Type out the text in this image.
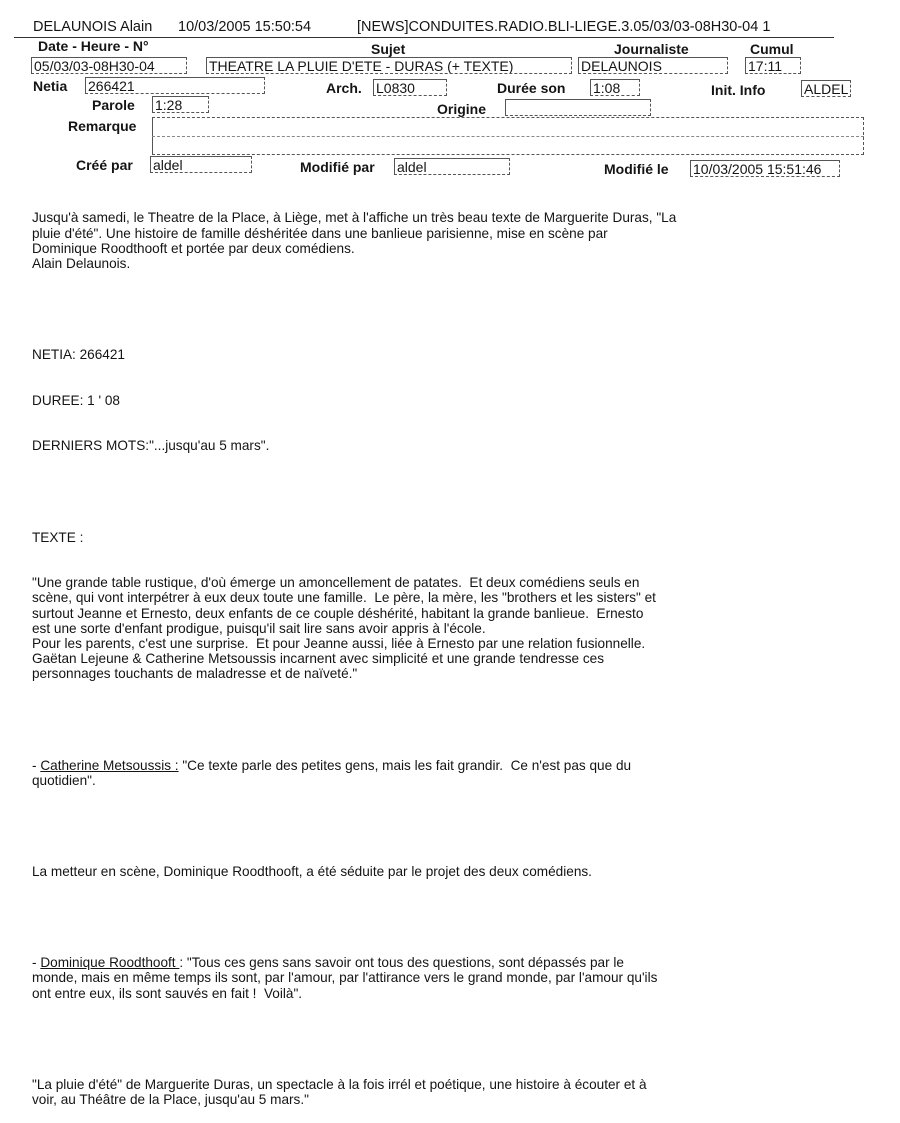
DELAUNOIS Alain 10/03/2005 15:50:54	[NEWS]CONDUITES.RADIO.BLI-LIEGE.3.05/03/03-08H30-04 1
Date - Heure - N°	Sujet	Journaliste	Cumul
05/03/03-08H30-04	THEATRE LA PLUIE D'ETE - DURAS (+ TEXTE)	DELAUNOIS	17:11
Netia 266421	Arch. L0830	Durée son 1:08	Init. Info	ALDEL
Parole 1:28	Origine
Remarque
Créé par aldel	Modifié par aldel	Modifié le 10/03/2005 15:51:46

Jusqu'à samedi, le Theatre de la Place, à Liège, met à l'affiche un très beau texte de Marguerite Duras, "La
pluie d'été". Une histoire de famille déshéritée dans une banlieue parisienne, mise en scène par
Dominique Roodthooft et portée par deux comédiens.
Alain Delaunois.

NETIA: 266421

DUREE: 1 ' 08

DERNIERS MOTS:"...jusqu'au 5 mars".

TEXTE :

"Une grande table rustique, d'où émerge un amoncellement de patates.  Et deux comédiens seuls en
scène, qui vont interpétrer à eux deux toute une famille.  Le père, la mère, les "brothers et les sisters" et
surtout Jeanne et Ernesto, deux enfants de ce couple déshérité, habitant la grande banlieue.  Ernesto
est une sorte d'enfant prodigue, puisqu'il sait lire sans avoir appris à l'école.
Pour les parents, c'est une surprise.  Et pour Jeanne aussi, liée à Ernesto par une relation fusionnelle.
Gaëtan Lejeune & Catherine Metsoussis incarnent avec simplicité et une grande tendresse ces
personnages touchants de maladresse et de naïveté."

- Catherine Metsoussis : "Ce texte parle des petites gens, mais les fait grandir.  Ce n'est pas que du
quotidien".

La metteur en scène, Dominique Roodthooft, a été séduite par le projet des deux comédiens.

- Dominique Roodthooft : "Tous ces gens sans savoir ont tous des questions, sont dépassés par le
monde, mais en même temps ils sont, par l'amour, par l'attirance vers le grand monde, par l'amour qu'ils
ont entre eux, ils sont sauvés en fait !  Voilà".

"La pluie d'été" de Marguerite Duras, un spectacle à la fois irrél et poétique, une histoire à écouter et à
voir, au Théâtre de la Place, jusqu'au 5 mars."
